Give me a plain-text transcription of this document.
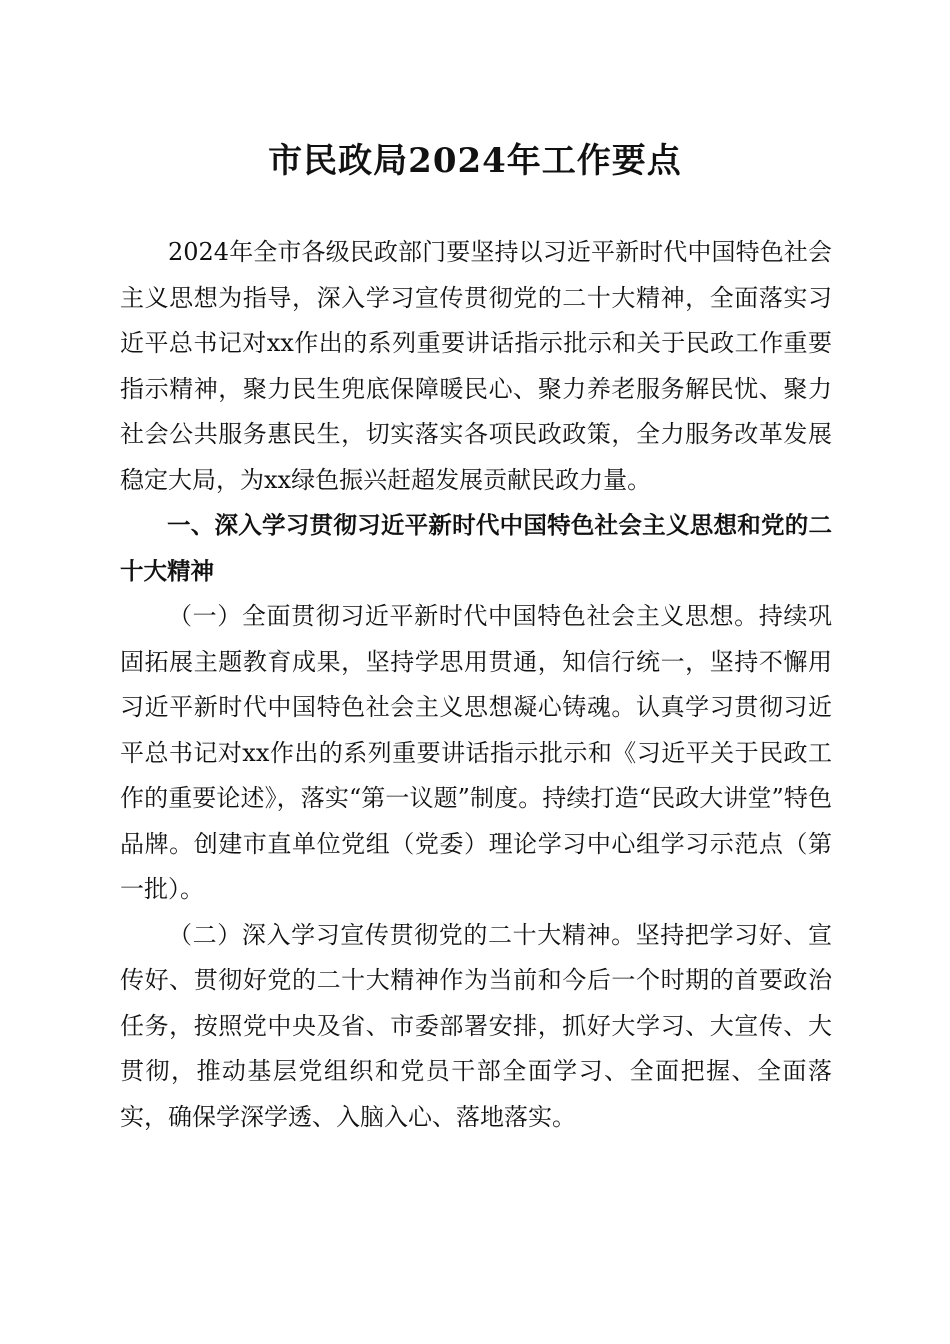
市民政局2024年工作要点

2024年全市各级民政部门要坚持以习近平新时代中国特色社会主义思想为指导，深入学习宣传贯彻党的二十大精神，全面落实习近平总书记对xx作出的系列重要讲话指示批示和关于民政工作重要指示精神，聚力民生兜底保障暖民心、聚力养老服务解民忧、聚力社会公共服务惠民生，切实落实各项民政政策，全力服务改革发展稳定大局，为xx绿色振兴赶超发展贡献民政力量。

一、深入学习贯彻习近平新时代中国特色社会主义思想和党的二十大精神

（一）全面贯彻习近平新时代中国特色社会主义思想。持续巩固拓展主题教育成果，坚持学思用贯通，知信行统一，坚持不懈用习近平新时代中国特色社会主义思想凝心铸魂。认真学习贯彻习近平总书记对xx作出的系列重要讲话指示批示和《习近平关于民政工作的重要论述》，落实“第一议题”制度。持续打造“民政大讲堂”特色品牌。创建市直单位党组（党委）理论学习中心组学习示范点（第一批）。

（二）深入学习宣传贯彻党的二十大精神。坚持把学习好、宣传好、贯彻好党的二十大精神作为当前和今后一个时期的首要政治任务，按照党中央及省、市委部署安排，抓好大学习、大宣传、大贯彻，推动基层党组织和党员干部全面学习、全面把握、全面落实，确保学深学透、入脑入心、落地落实。
